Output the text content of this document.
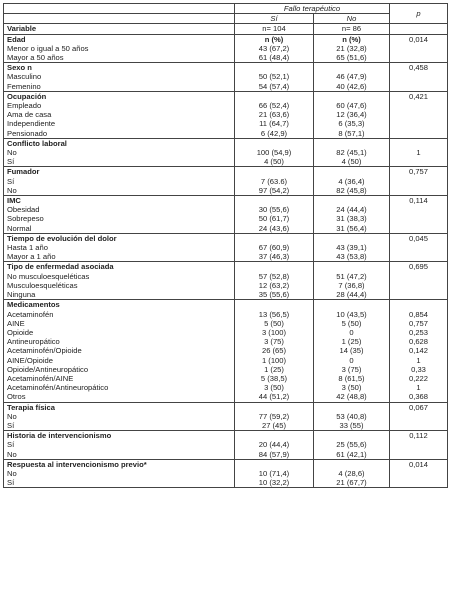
	Fallo terapéutico		p
	Sí	No	
Variable	n= 104	n= 86	
Edad	n (%)	n (%)	0,014
Menor o igual a 50 años	43 (67,2)	21 (32,8)	
Mayor a 50 años	61 (48,4)	65 (51,6)	
Sexo n			0,458
Masculino	50 (52,1)	46 (47,9)	
Femenino	54 (57,4)	40 (42,6)	
Ocupación			0,421
Empleado	66 (52,4)	60 (47,6)	
Ama de casa	21 (63,6)	12 (36,4)	
Independiente	11 (64,7)	6 (35,3)	
Pensionado	6 (42,9)	8 (57,1)	
Conflicto laboral			
No	100 (54,9)	82 (45,1)	1
Sí	4 (50)	4 (50)	
Fumador			0,757
Sí	7 (63.6)	4 (36,4)	
No	97 (54,2)	82 (45,8)	
IMC			0,114
Obesidad	30 (55,6)	24 (44,4)	
Sobrepeso	50 (61,7)	31 (38,3)	
Normal	24 (43,6)	31 (56,4)	
Tiempo de evolución del dolor			0,045
Hasta 1 año	67 (60,9)	43 (39,1)	
Mayor a 1 año	37 (46,3)	43 (53,8)	
Tipo de enfermedad asociada			0,695
No musculoesqueléticas	57 (52,8)	51 (47,2)	
Musculoesqueléticas	12 (63,2)	7 (36,8)	
Ninguna	35 (55,6)	28 (44,4)	
Medicamentos			
Acetaminofén	13 (56,5)	10 (43,5)	0,854
AINE	5 (50)	5 (50)	0,757
Opioide	3 (100)	0	0,253
Antineuropático	3 (75)	1 (25)	0,628
Acetaminofén/Opioide	26 (65)	14 (35)	0,142
AINE/Opioide	1 (100)	0	1
Opioide/Antineuropático	1 (25)	3 (75)	0,33
Acetaminofén/AINE	5 (38,5)	8 (61,5)	0,222
Acetaminofén/Antineuropático	3 (50)	3 (50)	1
Otros	44 (51,2)	42 (48,8)	0,368
Terapia física			0,067
No	77 (59,2)	53 (40,8)	
Sí	27 (45)	33 (55)	
Historia de intervencionismo			0,112
Sí	20 (44,4)	25 (55,6)	
No	84 (57,9)	61 (42,1)	
Respuesta al intervencionismo previo*			0,014
No	10 (71,4)	4 (28,6)	
Sí	10 (32,2)	21 (67,7)	
